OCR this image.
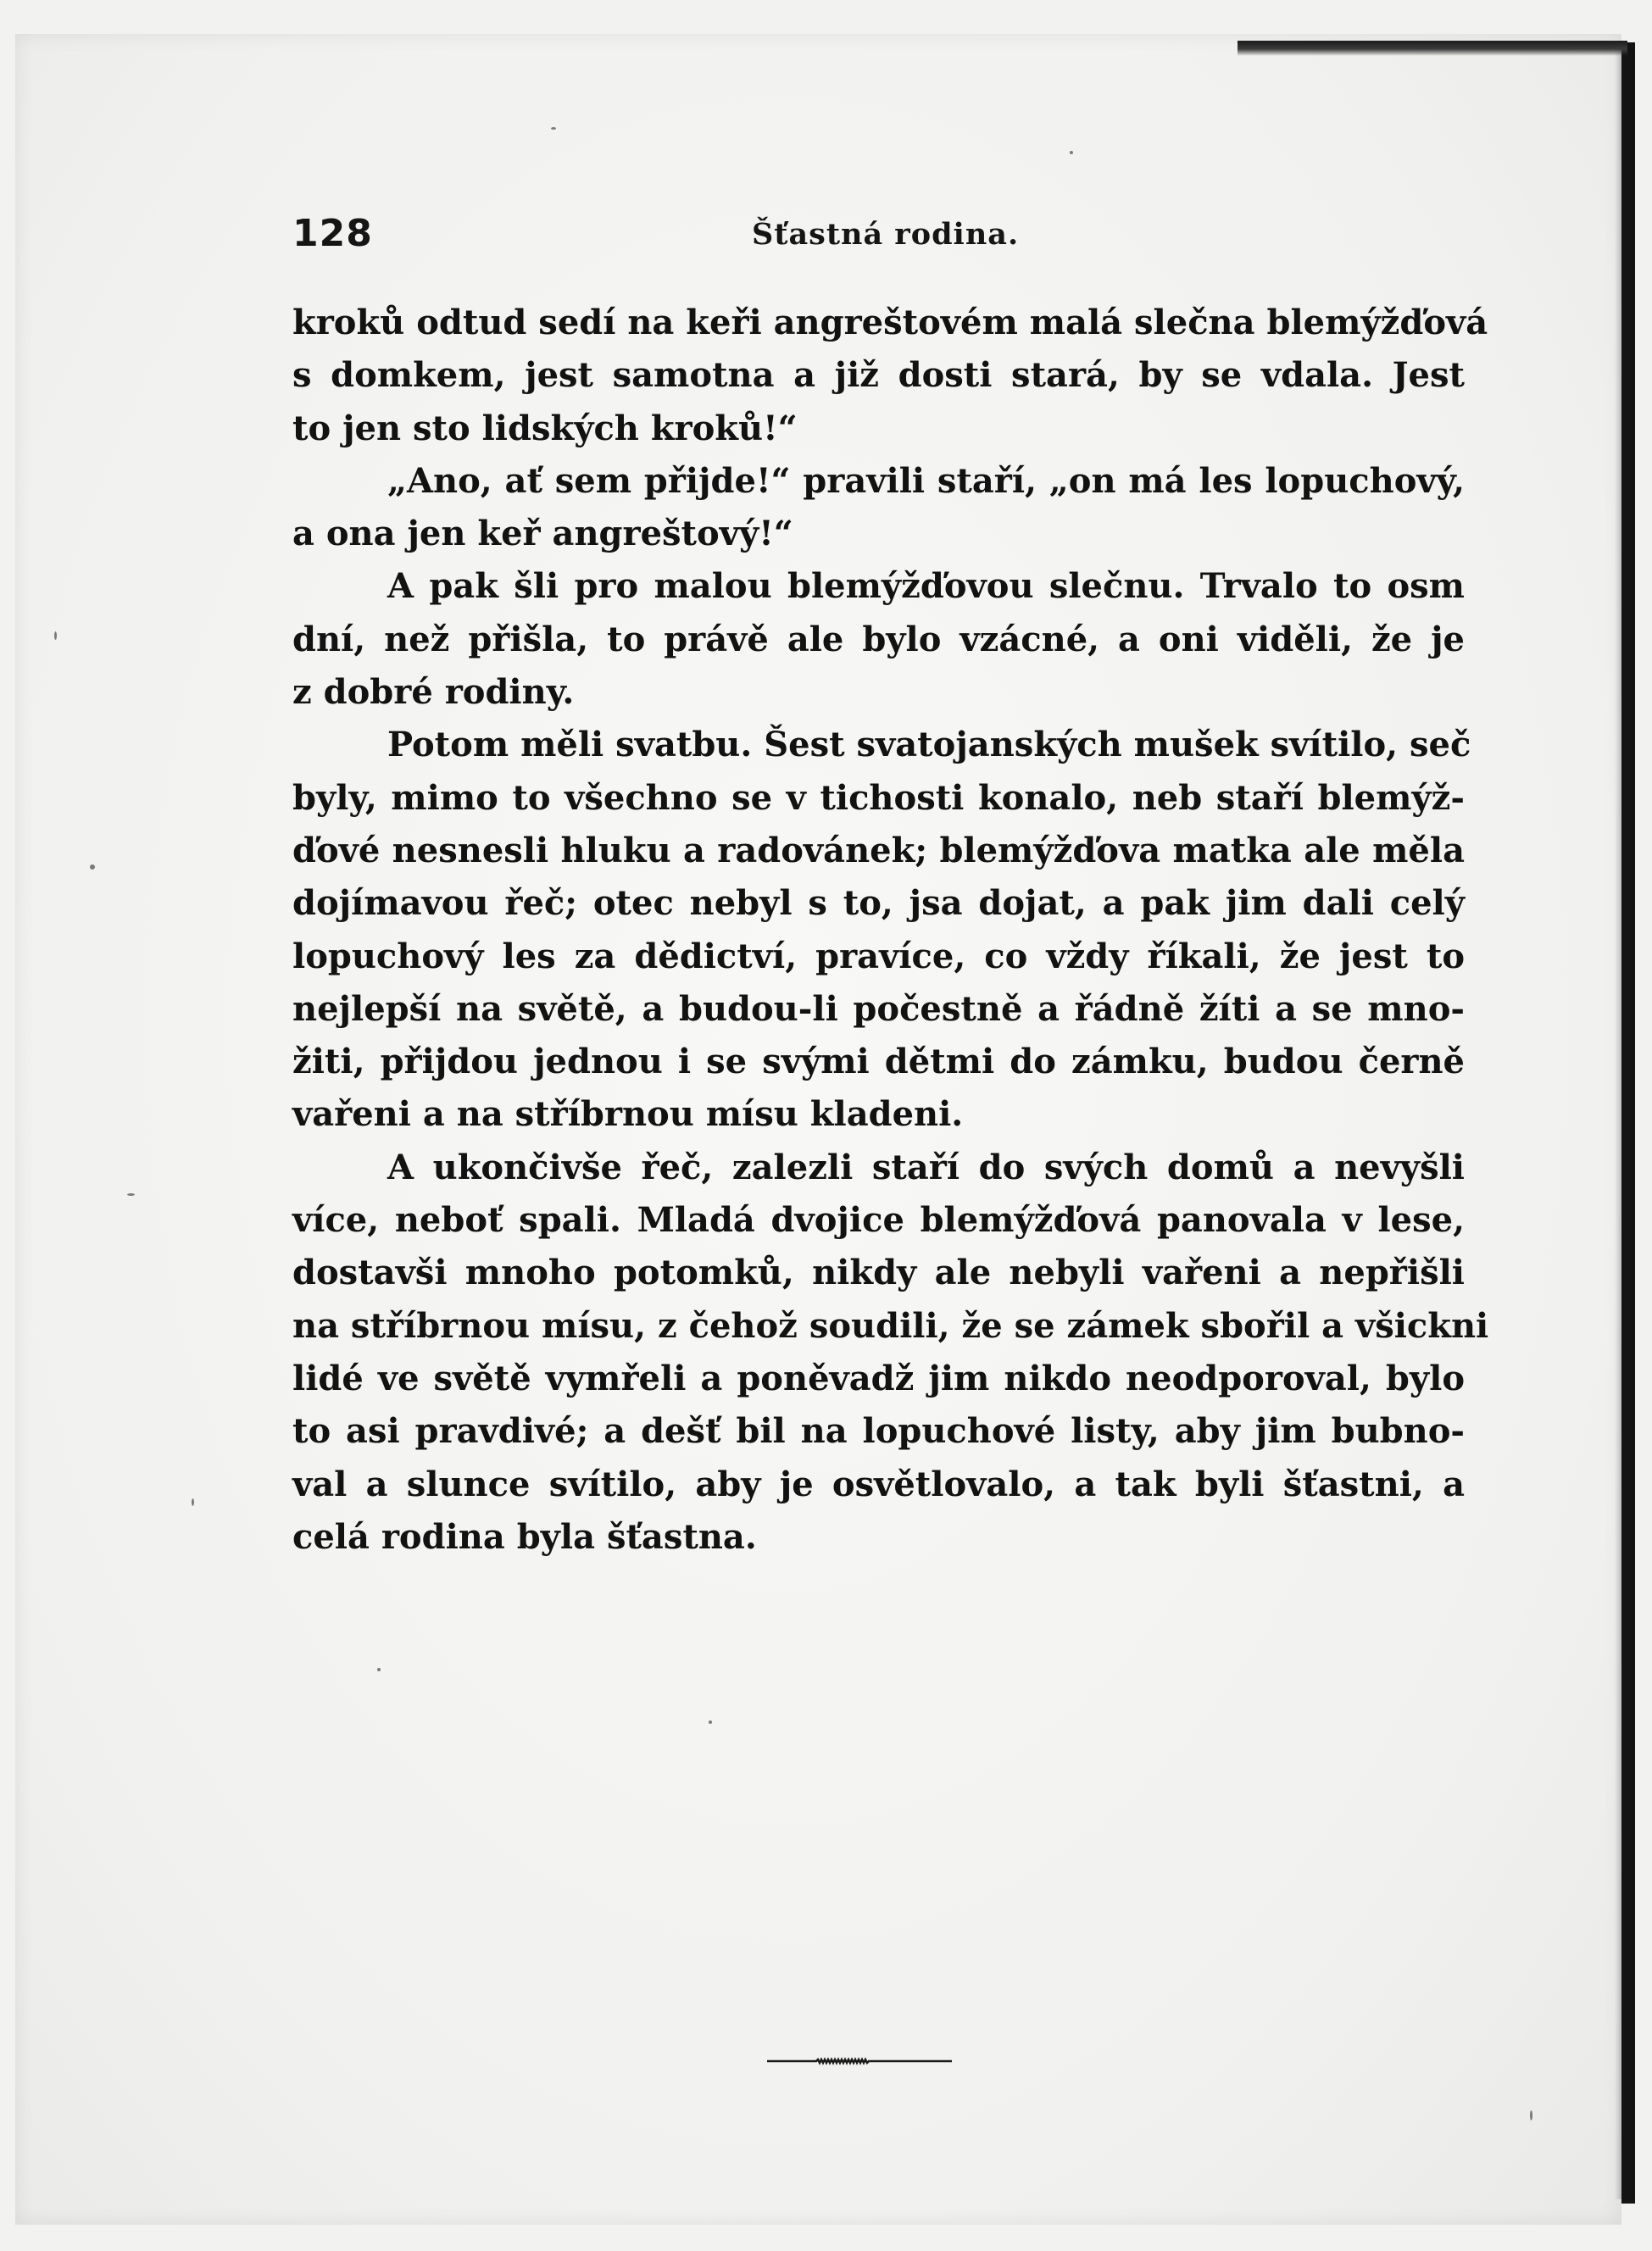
128	Šťastná rodina.
kroků odtud sedí na keři angreštovém malá slečna blemýžďová
s domkem, jest samotna a již dosti stará, by se vdala. Jest
to jen sto lidských kroků!“
„Ano, ať sem přijde!“ pravili staří, „on má les lopuchový,
a ona jen keř angreštový!“
A pak šli pro malou blemýžďovou slečnu. Trvalo to osm
dní, než přišla, to právě ale bylo vzácné, a oni viděli, že je
z dobré rodiny.
Potom měli svatbu. Šest svatojanských mušek svítilo, seč
byly, mimo to všechno se v tichosti konalo, neb staří blemýž-
ďové nesnesli hluku a radovánek; blemýžďova matka ale měla
dojímavou řeč; otec nebyl s to, jsa dojat, a pak jim dali celý
lopuchový les za dědictví, pravíce, co vždy říkali, že jest to
nejlepší na světě, a budou-li počestně a řádně žíti a se mno-
žiti, přijdou jednou i se svými dětmi do zámku, budou černě
vařeni a na stříbrnou mísu kladeni.
A ukončivše řeč, zalezli staří do svých domů a nevyšli
více, neboť spali. Mladá dvojice blemýžďová panovala v lese,
dostavši mnoho potomků, nikdy ale nebyli vařeni a nepřišli
na stříbrnou mísu, z čehož soudili, že se zámek sbořil a všickni
lidé ve světě vymřeli a poněvadž jim nikdo neodporoval, bylo
to asi pravdivé; a dešť bil na lopuchové listy, aby jim bubno-
val a slunce svítilo, aby je osvětlovalo, a tak byli šťastni, a
celá rodina byla šťastna.
